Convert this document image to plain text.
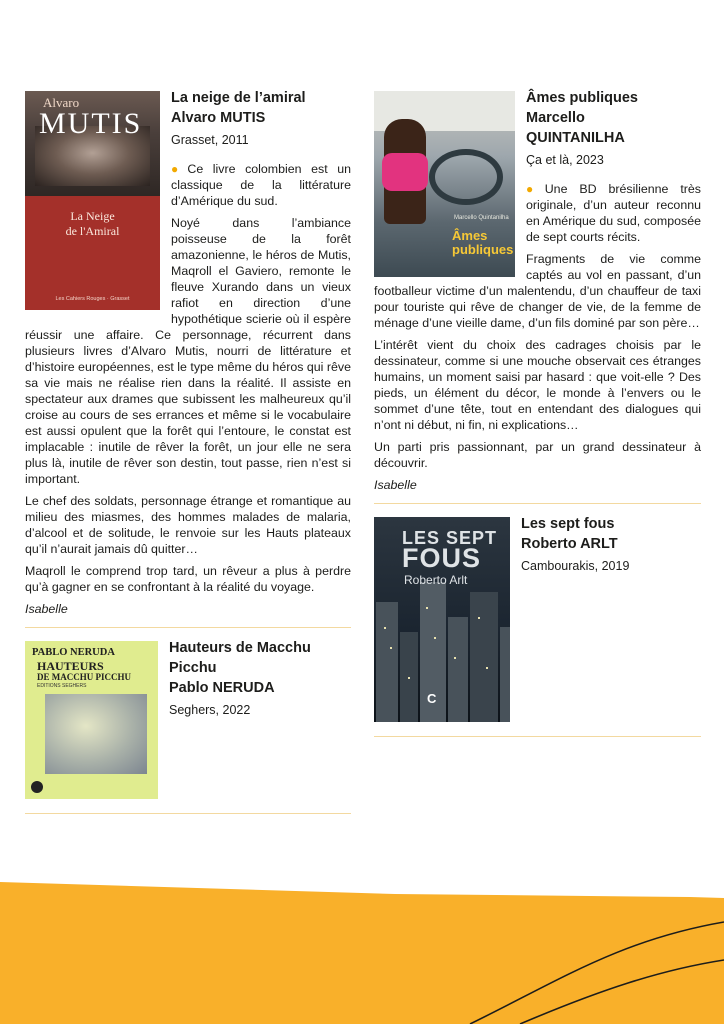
Alvaro
MUTIS
La Neige
de l'Amiral
Les Cahiers Rouges · Grasset
La neige de l’amiral
Alvaro MUTIS
Grasset, 2011

● Ce livre colombien est un classique de la littérature d’Amérique du sud.

Noyé dans l’ambiance poisseuse de la forêt amazonienne, le héros de Mutis, Maqroll el Gaviero, remonte le fleuve Xurando dans un vieux rafiot en direction d’une hypothétique scierie où il espère réussir une affaire. Ce personnage, récurrent dans plusieurs livres d’Alvaro Mutis, nourri de littérature et d’histoire européennes, est le type même du héros qui rêve sa vie mais ne réalise rien dans la réalité. Il assiste en spectateur aux drames que subissent les malheureux qu’il croise au cours de ses errances et même si le vocabulaire est aussi opulent que la forêt qui l’entoure, le constat est implacable : inutile de rêver la forêt, un jour elle ne sera plus là, inutile de rêver son destin, tout passe, rien n’est si important.

Le chef des soldats, personnage étrange et romantique au milieu des miasmes, des hommes malades de malaria, d’alcool et de solitude, le renvoie sur les Hauts plateaux qu’il n’aurait jamais dû quitter…

Maqroll le comprend trop tard, un rêveur a plus à perdre qu’à gagner en se confrontant à la réalité du voyage.

Isabelle
PABLO NERUDA
HAUTEURS
DE MACCHU PICCHU
EDITIONS SEGHERS
Hauteurs de Macchu Picchu
Pablo NERUDA
Seghers, 2022
Marcello Quintanilha
Âmes
publiques
Âmes publiques
Marcello
QUINTANILHA
Ça et là, 2023

● Une BD brésilienne très originale, d’un auteur reconnu en Amérique du sud, composée de sept courts récits.

Fragments de vie comme captés au vol en passant, d’un footballeur victime d’un malentendu, d’un chauffeur de taxi pour touriste qui rêve de changer de vie, de la femme de ménage d’une vieille dame, d’un fils dominé par son père…

L’intérêt vient du choix des cadrages choisis par le dessinateur, comme si une mouche observait ces étranges humains, un moment saisi par hasard : que voit-elle ? Des pieds, un élément du décor, le monde à l’envers ou le sommet d’une tête, tout en entendant des dialogues qui n’ont ni début, ni fin, ni explications…

Un parti pris passionnant, par un grand dessinateur à découvrir.

Isabelle
LES SEPT
FOUS
Roberto Arlt
C
Les sept fous
Roberto ARLT
Cambourakis, 2019
